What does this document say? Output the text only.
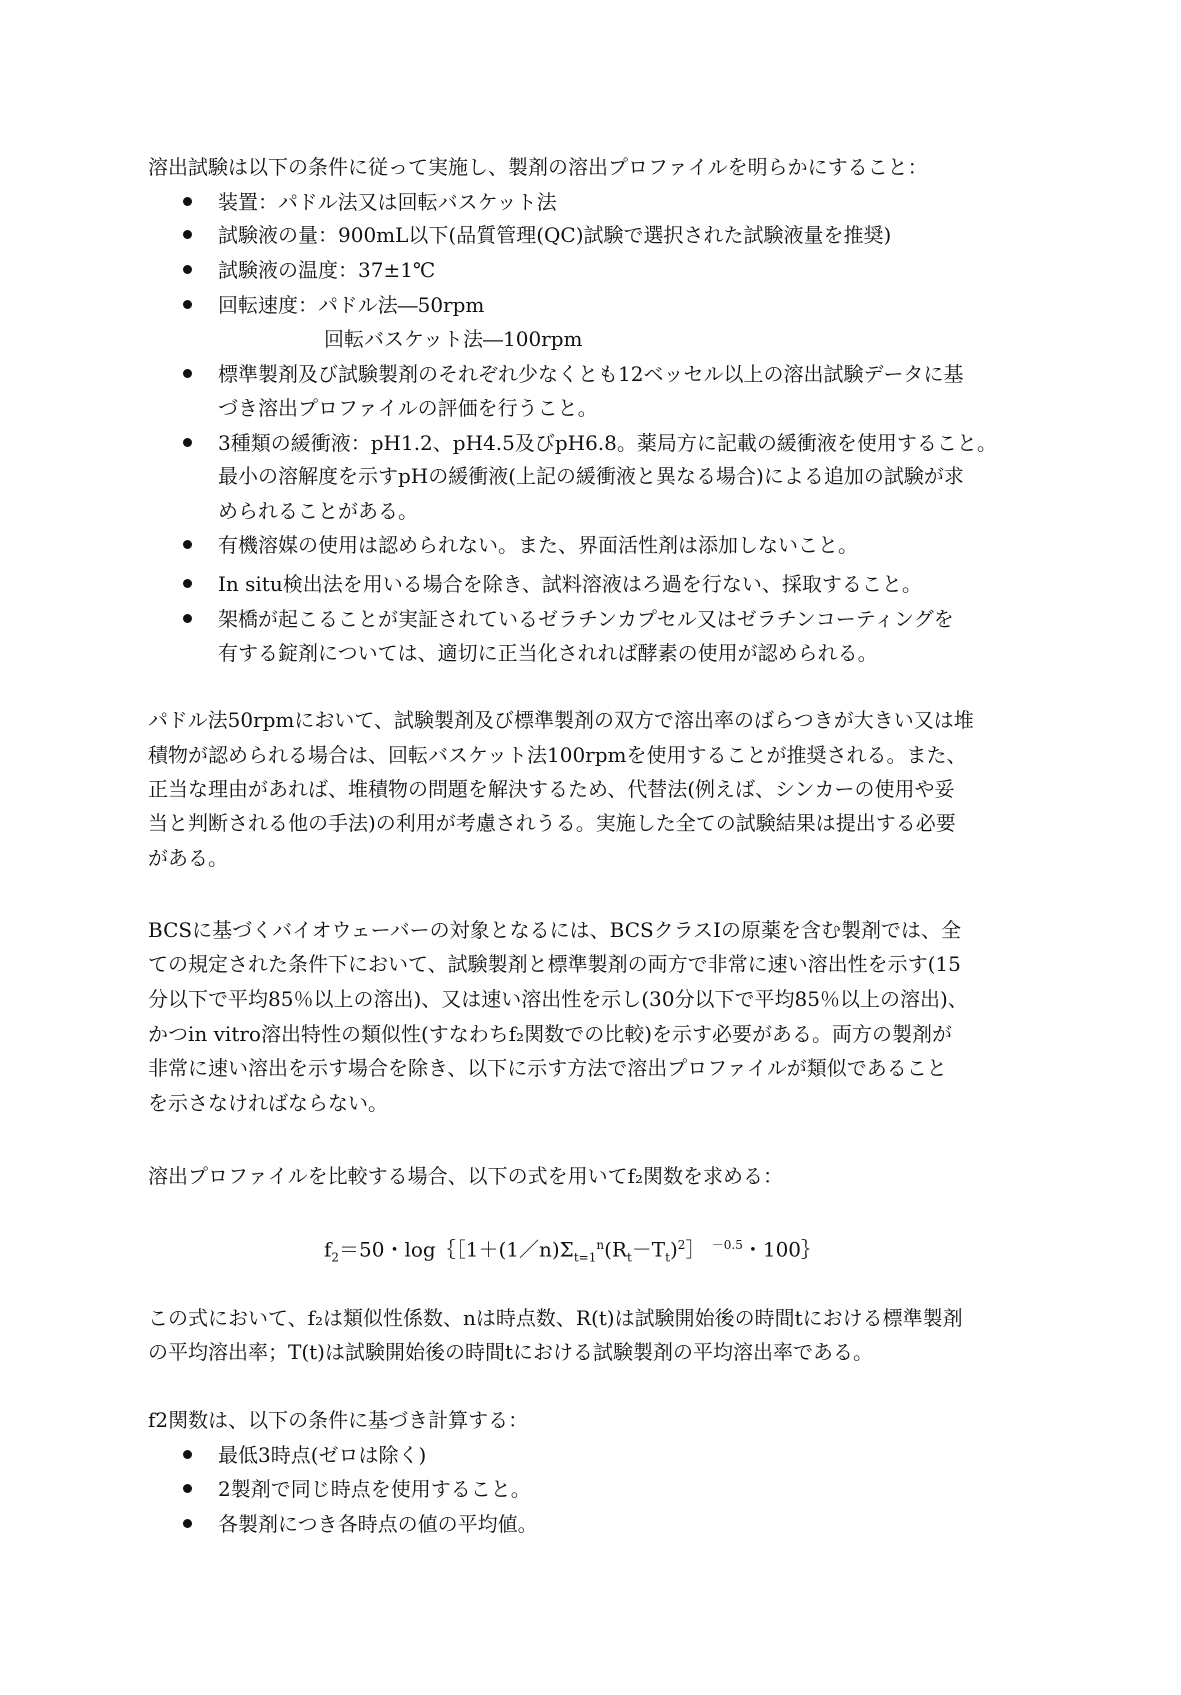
溶出試験は以下の条件に従って実施し、製剤の溶出プロファイルを明らかにすること：
装置：パドル法又は回転バスケット法
試験液の量：900mL以下(品質管理(QC)試験で選択された試験液量を推奨)
試験液の温度：37±1℃
回転速度：パドル法―50rpm
回転バスケット法―100rpm
標準製剤及び試験製剤のそれぞれ少なくとも12ベッセル以上の溶出試験データに基
づき溶出プロファイルの評価を行うこと。
3種類の緩衝液：pH1.2、pH4.5及びpH6.8。薬局方に記載の緩衝液を使用すること。
最小の溶解度を示すpHの緩衝液(上記の緩衝液と異なる場合)による追加の試験が求
められることがある。
有機溶媒の使用は認められない。また、界面活性剤は添加しないこと。
In situ検出法を用いる場合を除き、試料溶液はろ過を行ない、採取すること。
架橋が起こることが実証されているゼラチンカプセル又はゼラチンコーティングを
有する錠剤については、適切に正当化されれば酵素の使用が認められる。
パドル法50rpmにおいて、試験製剤及び標準製剤の双方で溶出率のばらつきが大きい又は堆
積物が認められる場合は、回転バスケット法100rpmを使用することが推奨される。また、
正当な理由があれば、堆積物の問題を解決するため、代替法(例えば、シンカーの使用や妥
当と判断される他の手法)の利用が考慮されうる。実施した全ての試験結果は提出する必要
がある。
BCSに基づくバイオウェーバーの対象となるには、BCSクラスⅠの原薬を含む製剤では、全
ての規定された条件下において、試験製剤と標準製剤の両方で非常に速い溶出性を示す(15
分以下で平均85％以上の溶出)、又は速い溶出性を示し(30分以下で平均85％以上の溶出)、
かつin vitro溶出特性の類似性(すなわちf₂関数での比較)を示す必要がある。両方の製剤が
非常に速い溶出を示す場合を除き、以下に示す方法で溶出プロファイルが類似であること
を示さなければならない。
溶出プロファイルを比較する場合、以下の式を用いてf₂関数を求める：
$f_2=50$・$\log\{[1+(1/n)\Sigma_{t=1}^n(R_t-T_t)^2]$ $^{-0.5}$・100｝
この式において、f₂は類似性係数、nは時点数、R(t)は試験開始後の時間tにおける標準製剤
の平均溶出率；T(t)は試験開始後の時間tにおける試験製剤の平均溶出率である。
f2関数は、以下の条件に基づき計算する：
最低3時点(ゼロは除く)
2製剤で同じ時点を使用すること。
各製剤につき各時点の値の平均値。
